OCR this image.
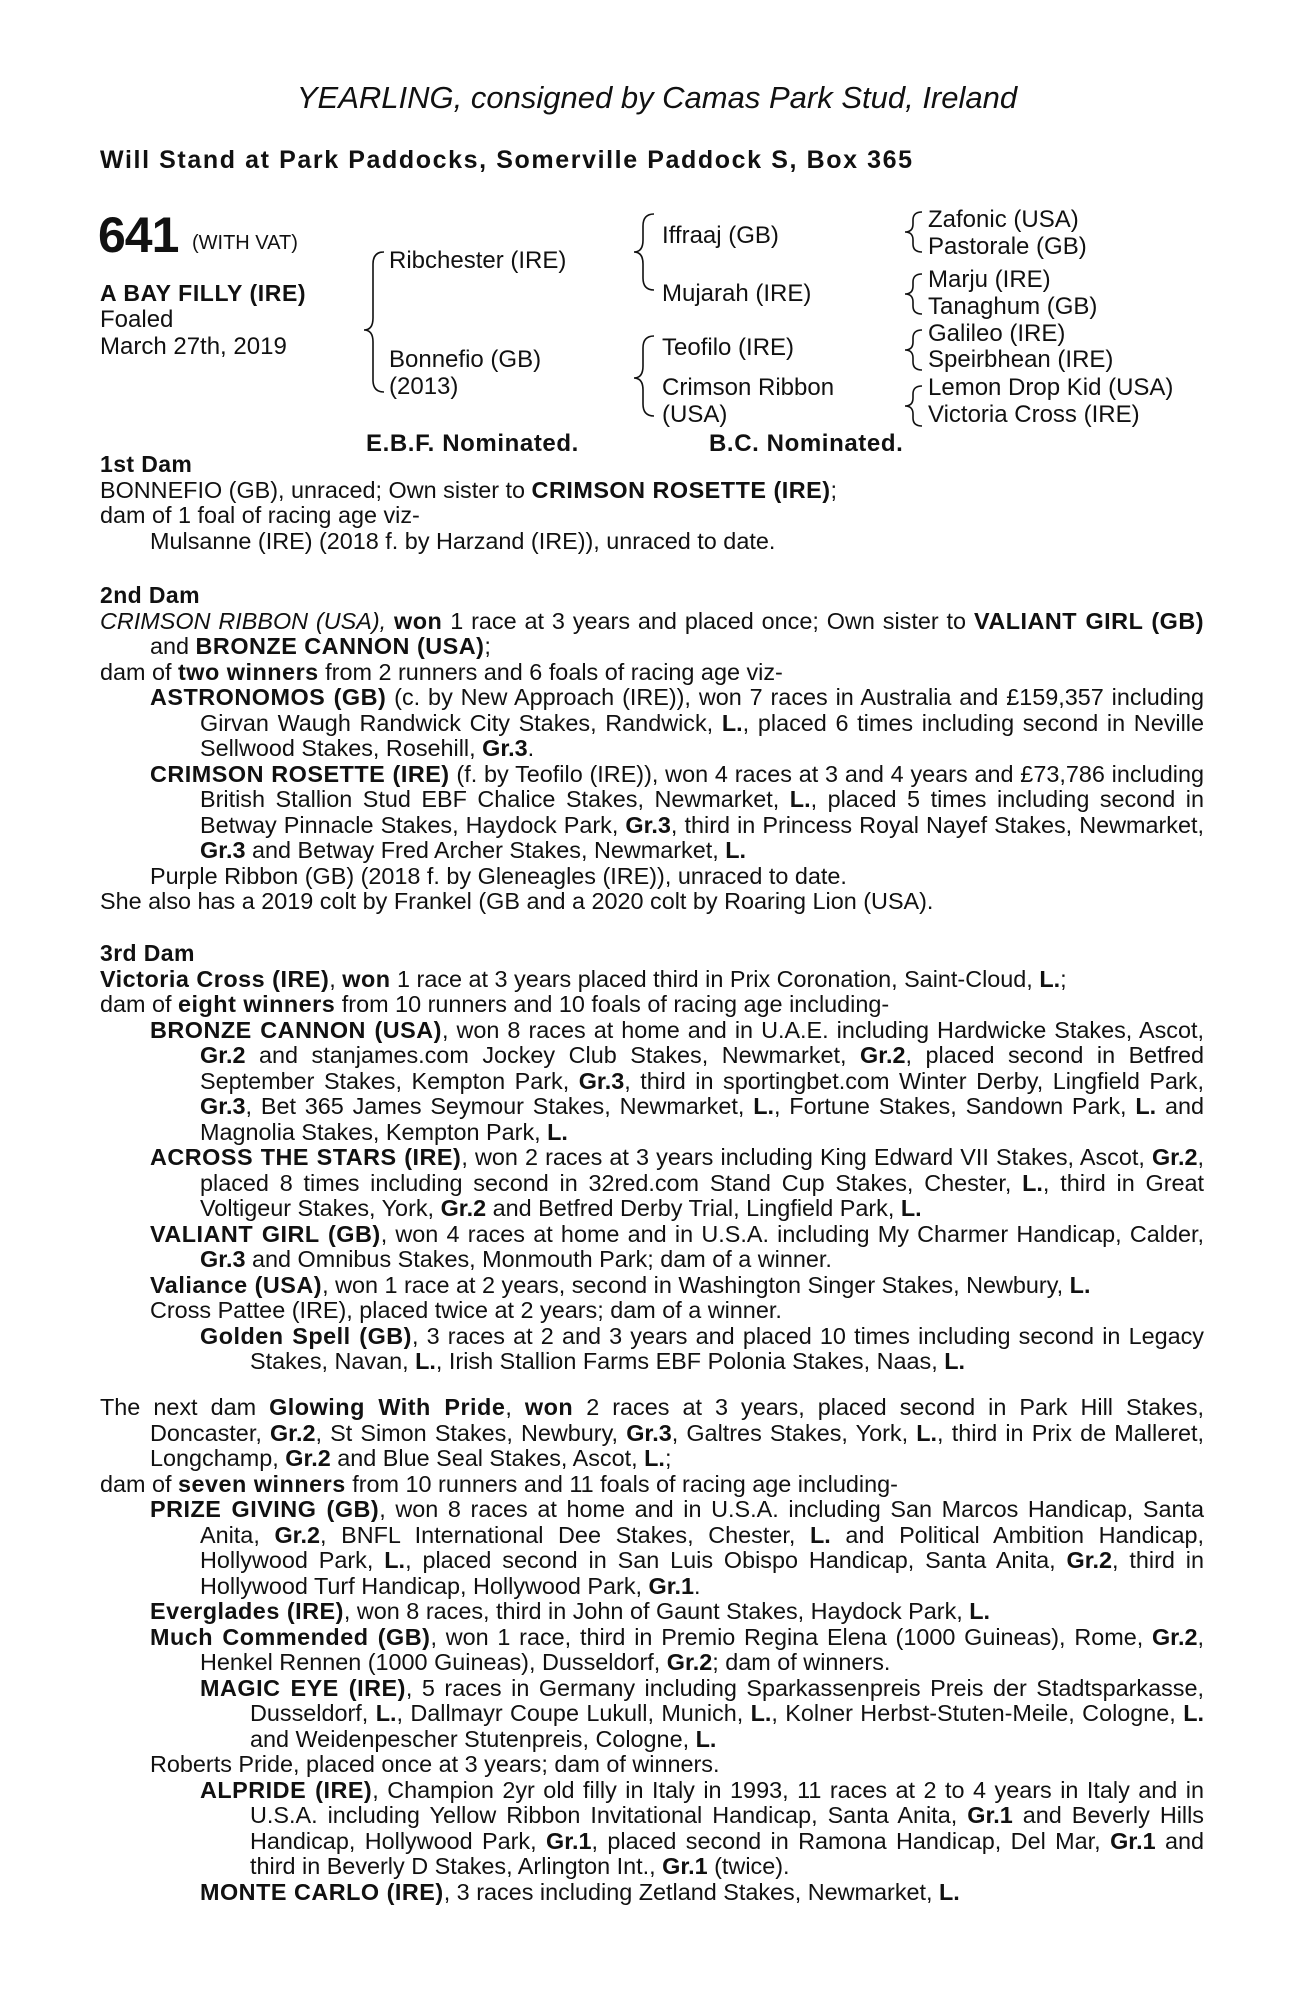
YEARLING, consigned by Camas Park Stud, Ireland
Will Stand at Park Paddocks, Somerville Paddock S, Box 365
641 (WITH VAT)
A BAY FILLY (IRE)
Foaled
March 27th, 2019
Ribchester (IRE)
Bonnefio (GB)
(2013)
Iffraaj (GB)
Mujarah (IRE)
Teofilo (IRE)
Crimson Ribbon
(USA)
Zafonic (USA)
Pastorale (GB)
Marju (IRE)
Tanaghum (GB)
Galileo (IRE)
Speirbhean (IRE)
Lemon Drop Kid (USA)
Victoria Cross (IRE)
E.B.F. Nominated.	B.C. Nominated.

1st Dam

BONNEFIO (GB), unraced; Own sister to CRIMSON ROSETTE (IRE);

dam of 1 foal of racing age viz-

Mulsanne (IRE) (2018 f. by Harzand (IRE)), unraced to date.

2nd Dam

CRIMSON RIBBON (USA), won 1 race at 3 years and placed once; Own sister to VALIANT GIRL (GB) and BRONZE CANNON (USA);

dam of two winners from 2 runners and 6 foals of racing age viz-

ASTRONOMOS (GB) (c. by New Approach (IRE)), won 7 races in Australia and £159,357 including Girvan Waugh Randwick City Stakes, Randwick, L., placed 6 times including second in Neville Sellwood Stakes, Rosehill, Gr.3.

CRIMSON ROSETTE (IRE) (f. by Teofilo (IRE)), won 4 races at 3 and 4 years and £73,786 including British Stallion Stud EBF Chalice Stakes, Newmarket, L., placed 5 times including second in Betway Pinnacle Stakes, Haydock Park, Gr.3, third in Princess Royal Nayef Stakes, Newmarket, Gr.3 and Betway Fred Archer Stakes, Newmarket, L.

Purple Ribbon (GB) (2018 f. by Gleneagles (IRE)), unraced to date.

She also has a 2019 colt by Frankel (GB and a 2020 colt by Roaring Lion (USA).

3rd Dam

Victoria Cross (IRE), won 1 race at 3 years placed third in Prix Coronation, Saint-Cloud, L.;

dam of eight winners from 10 runners and 10 foals of racing age including-

BRONZE CANNON (USA), won 8 races at home and in U.A.E. including Hardwicke Stakes, Ascot, Gr.2 and stanjames.com Jockey Club Stakes, Newmarket, Gr.2, placed second in Betfred September Stakes, Kempton Park, Gr.3, third in sportingbet.com Winter Derby, Lingfield Park, Gr.3, Bet 365 James Seymour Stakes, Newmarket, L., Fortune Stakes, Sandown Park, L. and Magnolia Stakes, Kempton Park, L.

ACROSS THE STARS (IRE), won 2 races at 3 years including King Edward VII Stakes, Ascot, Gr.2, placed 8 times including second in 32red.com Stand Cup Stakes, Chester, L., third in Great Voltigeur Stakes, York, Gr.2 and Betfred Derby Trial, Lingfield Park, L.

VALIANT GIRL (GB), won 4 races at home and in U.S.A. including My Charmer Handicap, Calder, Gr.3 and Omnibus Stakes, Monmouth Park; dam of a winner.

Valiance (USA), won 1 race at 2 years, second in Washington Singer Stakes, Newbury, L.

Cross Pattee (IRE), placed twice at 2 years; dam of a winner.

Golden Spell (GB), 3 races at 2 and 3 years and placed 10 times including second in Legacy Stakes, Navan, L., Irish Stallion Farms EBF Polonia Stakes, Naas, L.

The next dam Glowing With Pride, won 2 races at 3 years, placed second in Park Hill Stakes, Doncaster, Gr.2, St Simon Stakes, Newbury, Gr.3, Galtres Stakes, York, L., third in Prix de Malleret, Longchamp, Gr.2 and Blue Seal Stakes, Ascot, L.;

dam of seven winners from 10 runners and 11 foals of racing age including-

PRIZE GIVING (GB), won 8 races at home and in U.S.A. including San Marcos Handicap, Santa Anita, Gr.2, BNFL International Dee Stakes, Chester, L. and Political Ambition Handicap, Hollywood Park, L., placed second in San Luis Obispo Handicap, Santa Anita, Gr.2, third in Hollywood Turf Handicap, Hollywood Park, Gr.1.

Everglades (IRE), won 8 races, third in John of Gaunt Stakes, Haydock Park, L.

Much Commended (GB), won 1 race, third in Premio Regina Elena (1000 Guineas), Rome, Gr.2, Henkel Rennen (1000 Guineas), Dusseldorf, Gr.2; dam of winners.

MAGIC EYE (IRE), 5 races in Germany including Sparkassenpreis Preis der Stadtsparkasse, Dusseldorf, L., Dallmayr Coupe Lukull, Munich, L., Kolner Herbst-Stuten-Meile, Cologne, L. and Weidenpescher Stutenpreis, Cologne, L.

Roberts Pride, placed once at 3 years; dam of winners.

ALPRIDE (IRE), Champion 2yr old filly in Italy in 1993, 11 races at 2 to 4 years in Italy and in U.S.A. including Yellow Ribbon Invitational Handicap, Santa Anita, Gr.1 and Beverly Hills Handicap, Hollywood Park, Gr.1, placed second in Ramona Handicap, Del Mar, Gr.1 and third in Beverly D Stakes, Arlington Int., Gr.1 (twice).

MONTE CARLO (IRE), 3 races including Zetland Stakes, Newmarket, L.
